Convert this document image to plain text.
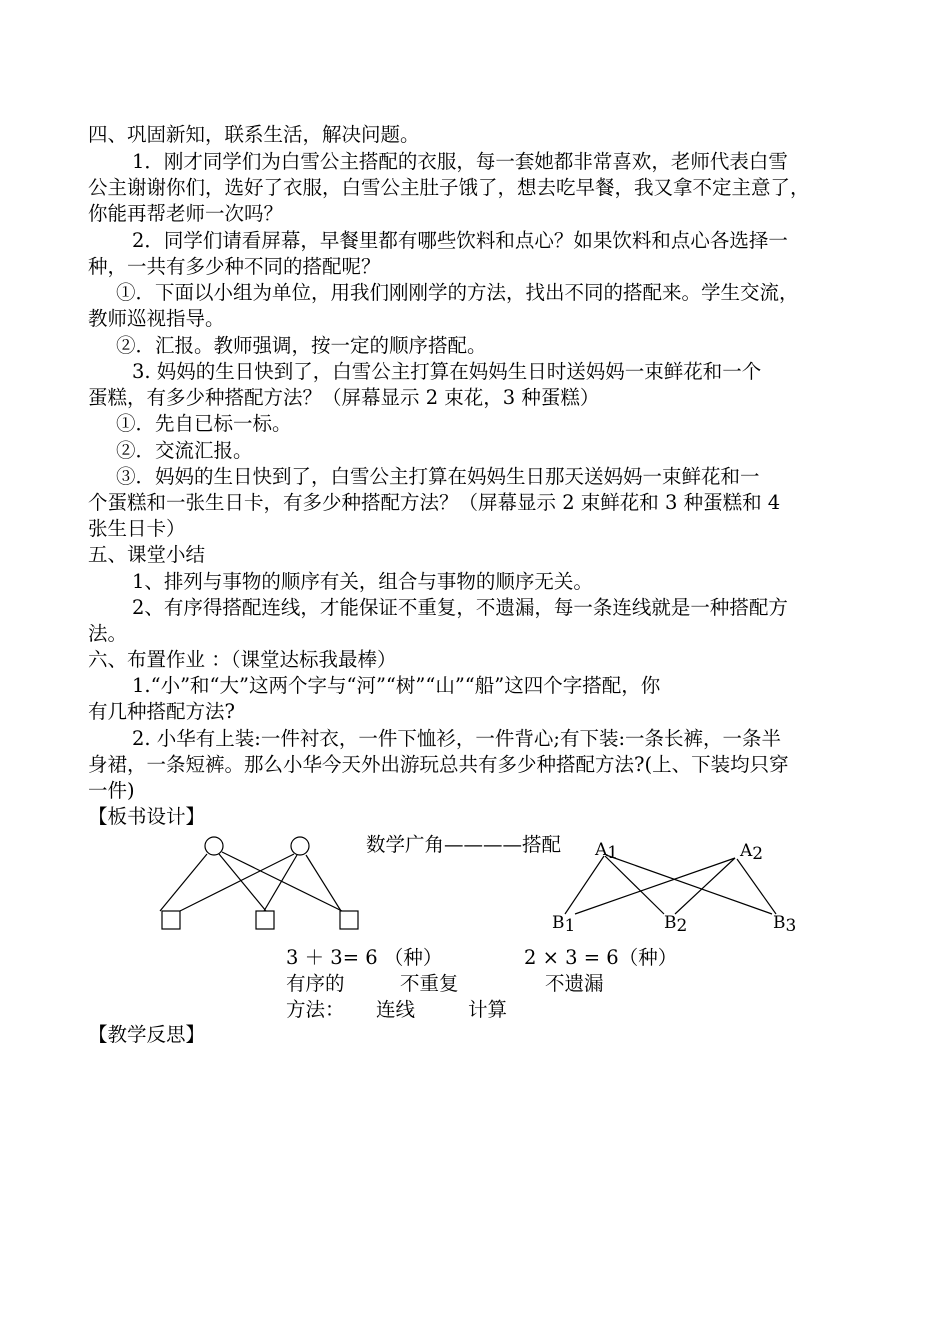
四、巩固新知，联系生活，解决问题。
1．刚才同学们为白雪公主搭配的衣服，每一套她都非常喜欢，老师代表白雪
公主谢谢你们，选好了衣服，白雪公主肚子饿了，想去吃早餐，我又拿不定主意了，
你能再帮老师一次吗？
2．同学们请看屏幕，早餐里都有哪些饮料和点心？如果饮料和点心各选择一
种，一共有多少种不同的搭配呢？
①．下面以小组为单位，用我们刚刚学的方法，找出不同的搭配来。学生交流，
教师巡视指导。
②．汇报。教师强调，按一定的顺序搭配。
3. 妈妈的生日快到了，白雪公主打算在妈妈生日时送妈妈一束鲜花和一个
蛋糕，有多少种搭配方法？（屏幕显示 2 束花，3 种蛋糕）
①．先自已标一标。
②．交流汇报。
③．妈妈的生日快到了，白雪公主打算在妈妈生日那天送妈妈一束鲜花和一
个蛋糕和一张生日卡，有多少种搭配方法？（屏幕显示 2 束鲜花和 3 种蛋糕和 4
张生日卡）
五、课堂小结
1、排列与事物的顺序有关，组合与事物的顺序无关。
2、有序得搭配连线，才能保证不重复，不遗漏，每一条连线就是一种搭配方
法。
六、布置作业 ：（课堂达标我最棒）
1.“小”和“大”这两个字与“河”“树”“山”“船”这四个字搭配，你
有几种搭配方法?
2. 小华有上装:一件衬衣，一件下恤衫，一件背心;有下装:一条长裤，一条半
身裙，一条短裤。那么小华今天外出游玩总共有多少种搭配方法?(上、下装均只穿
一件)
【板书设计】
数学广角————搭配 A1	A2
B1	B2	B3
3 ＋ 3= 6 （种）	2 × 3 = 6（种）
有序的	不重复	不遗漏
方法： 连线	计算
【教学反思】
